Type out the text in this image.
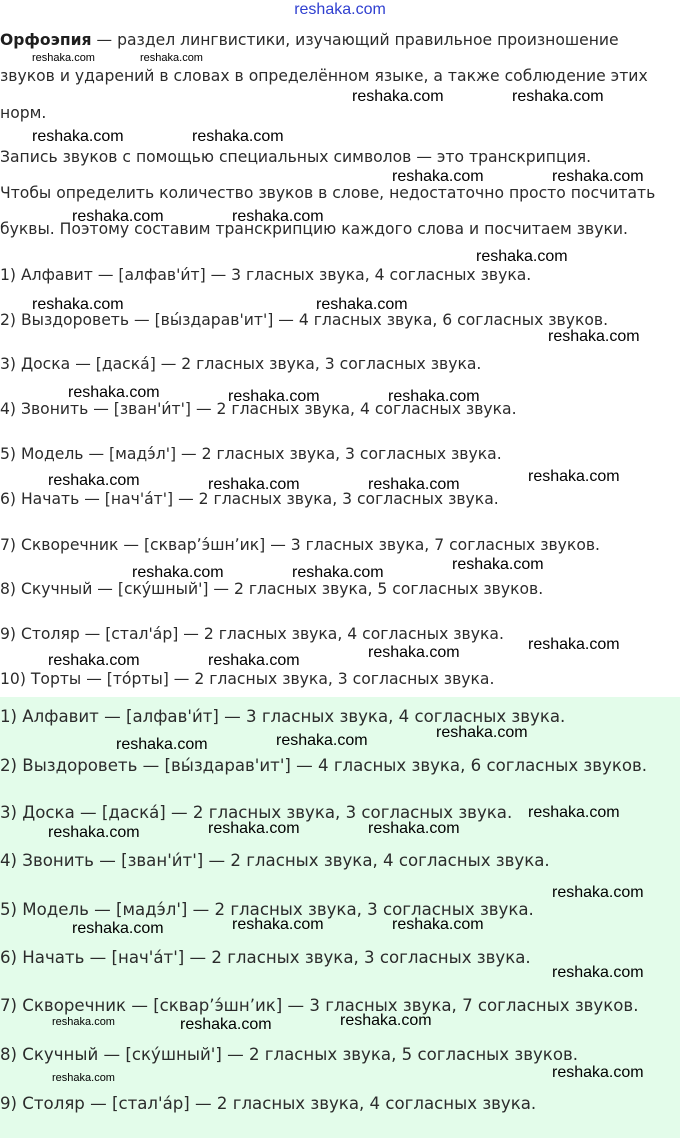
reshaka.com

Орфоэпия — раздел лингвистики, изучающий правильное произношение

звуков и ударений в словах в определённом языке, а также соблюдение этих

норм.

Запись звуков с помощью специальных символов — это транскрипция.

Чтобы определить количество звуков в слове, недостаточно просто посчитать

буквы. Поэтому составим транскрипцию каждого слова и посчитаем звуки.

1) Алфавит — [алфав'и́т] — 3 гласных звука, 4 согласных звука.

2) Выздороветь — [вы́здарав'ит'] — 4 гласных звука, 6 согласных звуков.

3) Доска — [даска́] — 2 гласных звука, 3 согласных звука.

4) Звонить — [зван'и́т'] — 2 гласных звука, 4 согласных звука.

5) Модель — [мадэ́л'] — 2 гласных звука, 3 согласных звука.

6) Начать — [нач'а́т'] — 2 гласных звука, 3 согласных звука.

7) Скворечник — [скварʼэ́шнʼик] — 3 гласных звука, 7 согласных звуков.

8) Скучный — [ску́шный'] — 2 гласных звука, 5 согласных звуков.

9) Столяр — [стал'а́р] — 2 гласных звука, 4 согласных звука.

10) Торты — [то́рты] — 2 гласных звука, 3 согласных звука.

1) Алфавит — [алфав'и́т] — 3 гласных звука, 4 согласных звука.

2) Выздороветь — [вы́здарав'ит'] — 4 гласных звука, 6 согласных звуков.

3) Доска — [даска́] — 2 гласных звука, 3 согласных звука.

4) Звонить — [зван'и́т'] — 2 гласных звука, 4 согласных звука.

5) Модель — [мадэ́л'] — 2 гласных звука, 3 согласных звука.

6) Начать — [нач'а́т'] — 2 гласных звука, 3 согласных звука.

7) Скворечник — [скварʼэ́шнʼик] — 3 гласных звука, 7 согласных звуков.

8) Скучный — [ску́шный'] — 2 гласных звука, 5 согласных звуков.

9) Столяр — [стал'а́р] — 2 гласных звука, 4 согласных звука.

reshaka.com	reshaka.com
reshaka.com	reshaka.com
reshaka.com	reshaka.com
reshaka.com	reshaka.com
reshaka.com	reshaka.com
reshaka.com
reshaka.com	reshaka.com
reshaka.com
reshaka.com	reshaka.com	reshaka.com
reshaka.com
reshaka.com	reshaka.com	reshaka.com
reshaka.com
reshaka.com	reshaka.com
reshaka.com
reshaka.com
reshaka.com	reshaka.com
reshaka.com
reshaka.com
reshaka.com
reshaka.com
reshaka.com	reshaka.com
reshaka.com
reshaka.com
reshaka.com	reshaka.com
reshaka.com
reshaka.com
reshaka.com
reshaka.com	reshaka.com
reshaka.com
reshaka.com
